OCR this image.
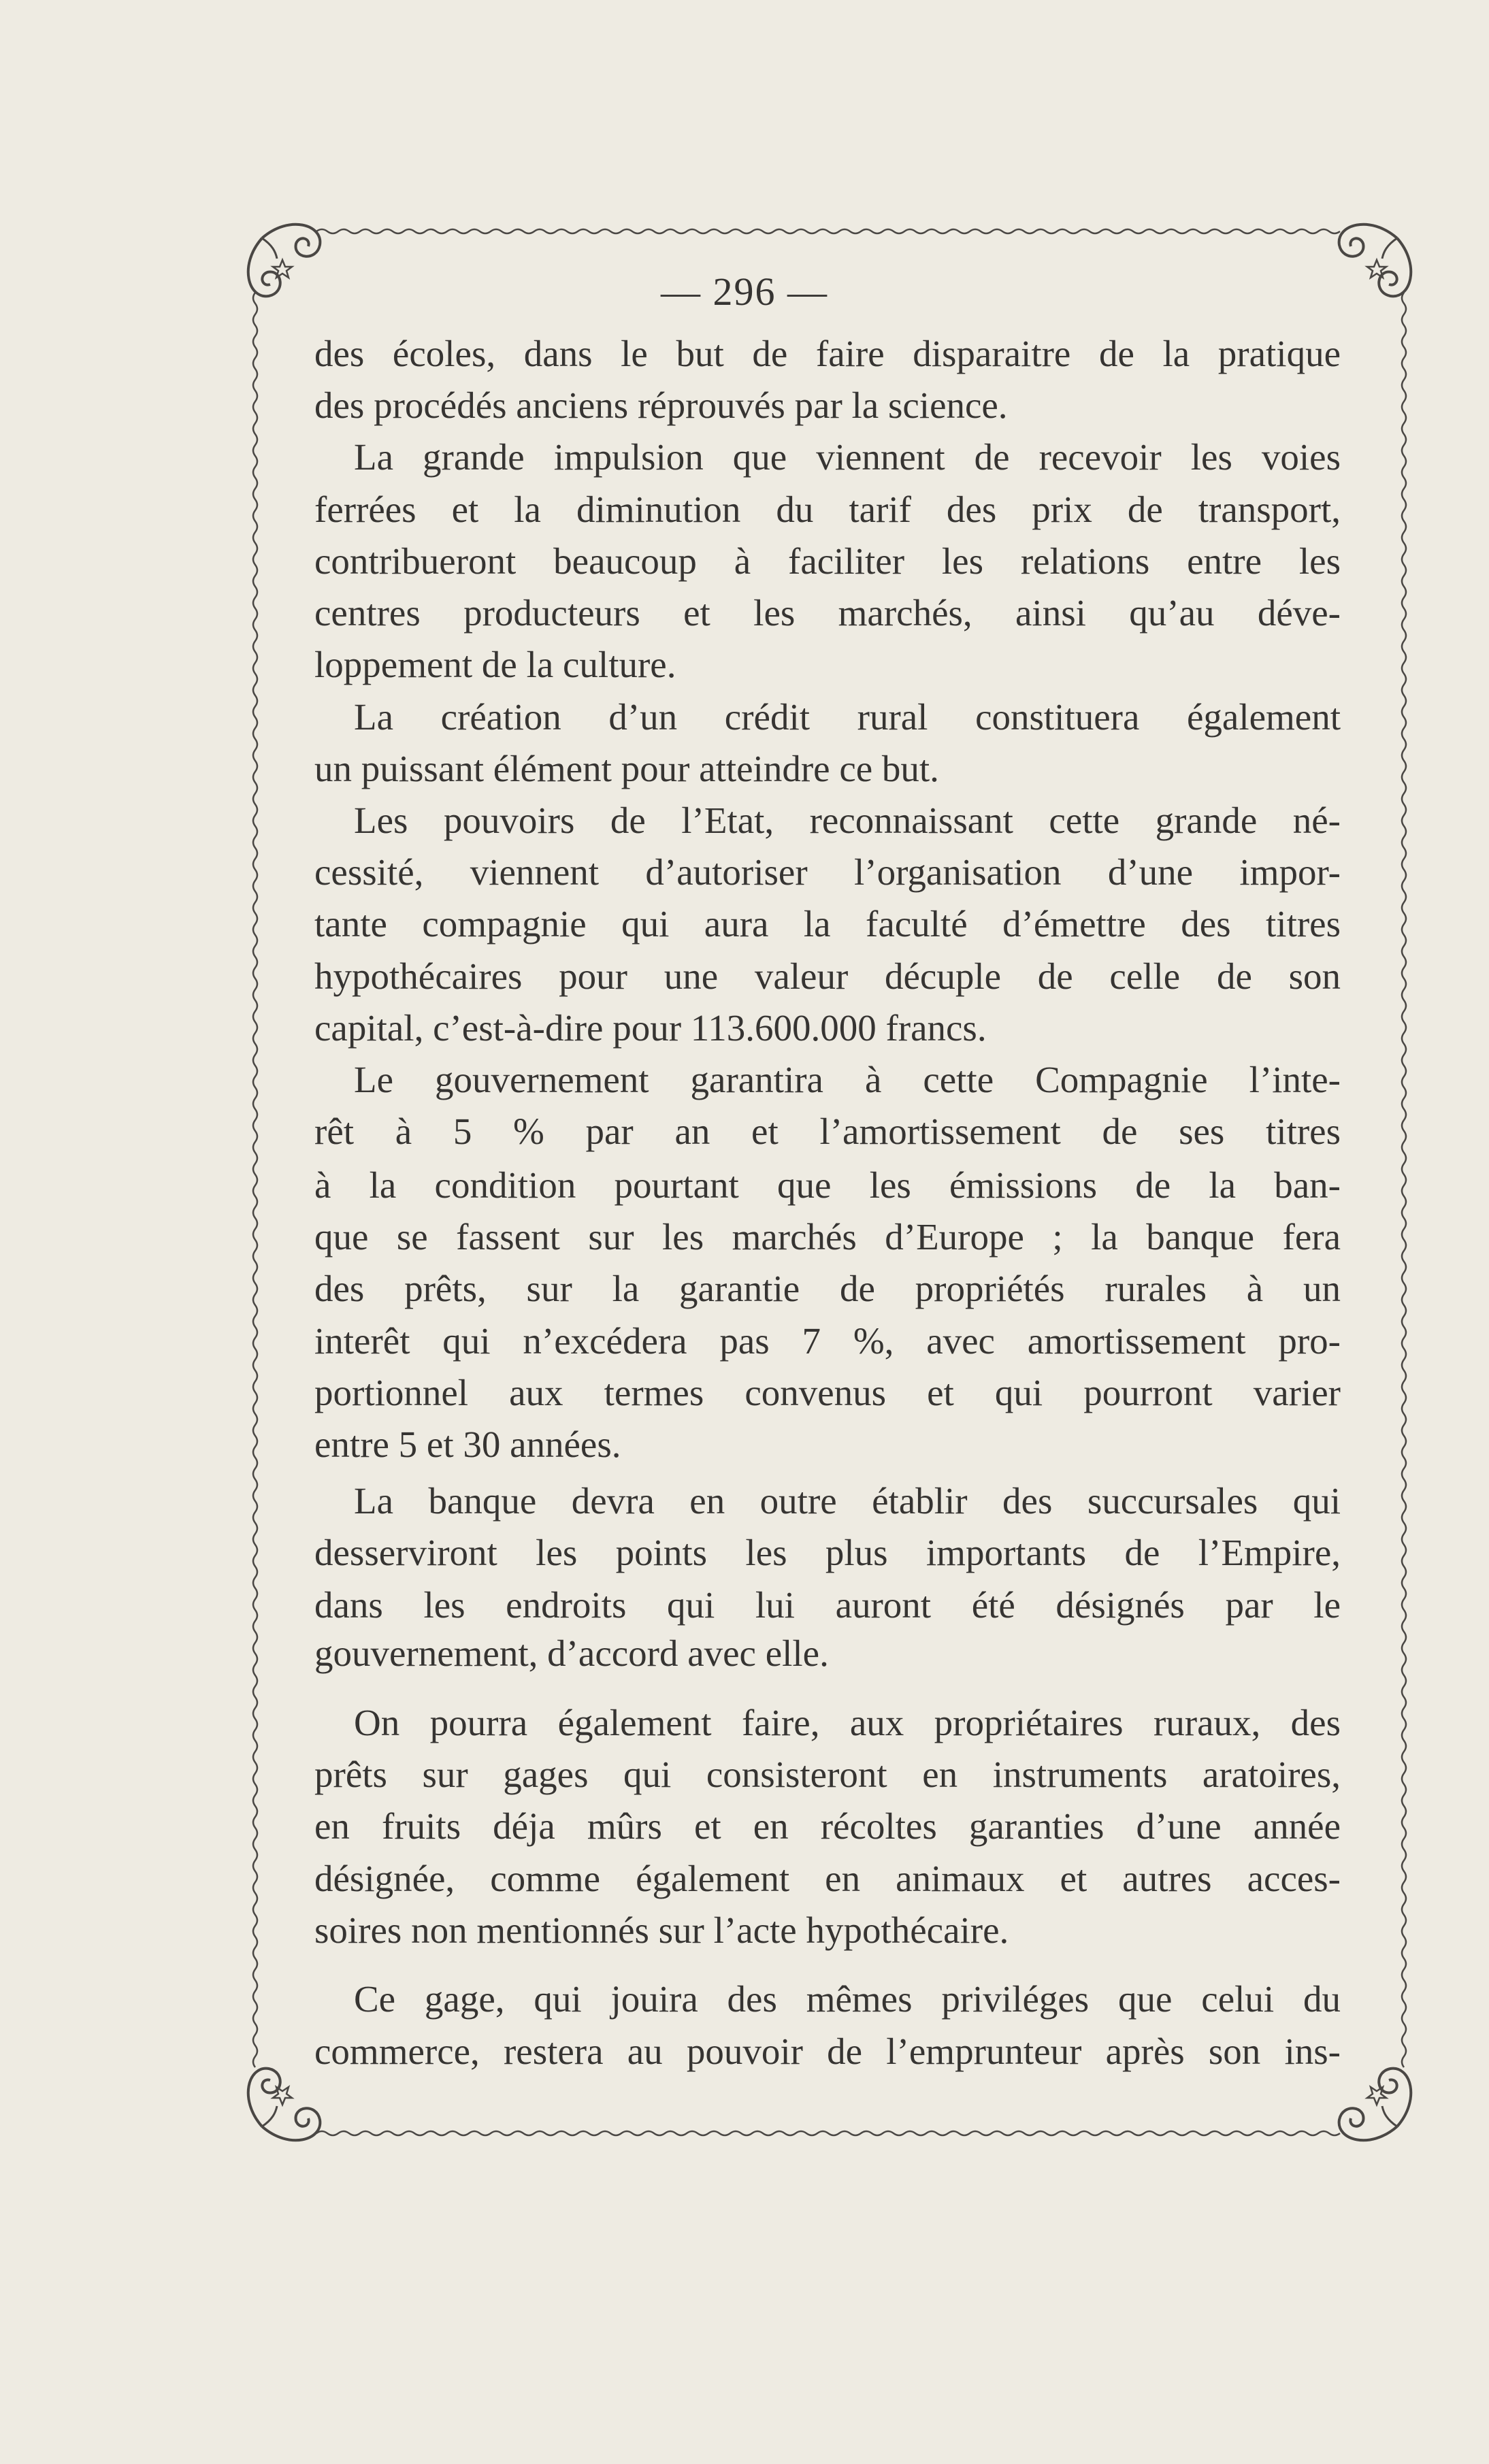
— 296 —
des écoles, dans le but de faire disparaitre de la pratique
des procédés anciens réprouvés par la science.
La grande impulsion que viennent de recevoir les voies
ferrées et la diminution du tarif des prix de transport,
contribueront beaucoup à faciliter les relations entre les
centres producteurs et les marchés, ainsi qu’au déve-
loppement de la culture.
La création d’un crédit rural constituera également
un puissant élément pour atteindre ce but.
Les pouvoirs de l’Etat, reconnaissant cette grande né-
cessité, viennent d’autoriser l’organisation d’une impor-
tante compagnie qui aura la faculté d’émettre des titres
hypothécaires pour une valeur décuple de celle de son
capital, c’est-à-dire pour 113.600.000 francs.
Le gouvernement garantira à cette Compagnie l’inte-
rêt à 5 % par an et l’amortissement de ses titres
à la condition pourtant que les émissions de la ban-
que se fassent sur les marchés d’Europe ; la banque fera
des prêts, sur la garantie de propriétés rurales à un
interêt qui n’excédera pas 7 %, avec amortissement pro-
portionnel aux termes convenus et qui pourront varier
entre 5 et 30 années.
La banque devra en outre établir des succursales qui
desserviront les points les plus importants de l’Empire,
dans les endroits qui lui auront été désignés par le
gouvernement, d’accord avec elle.
On pourra également faire, aux propriétaires ruraux, des
prêts sur gages qui consisteront en instruments aratoires,
en fruits déja mûrs et en récoltes garanties d’une année
désignée, comme également en animaux et autres acces-
soires non mentionnés sur l’acte hypothécaire.
Ce gage, qui jouira des mêmes priviléges que celui du
commerce, restera au pouvoir de l’emprunteur après son ins-
